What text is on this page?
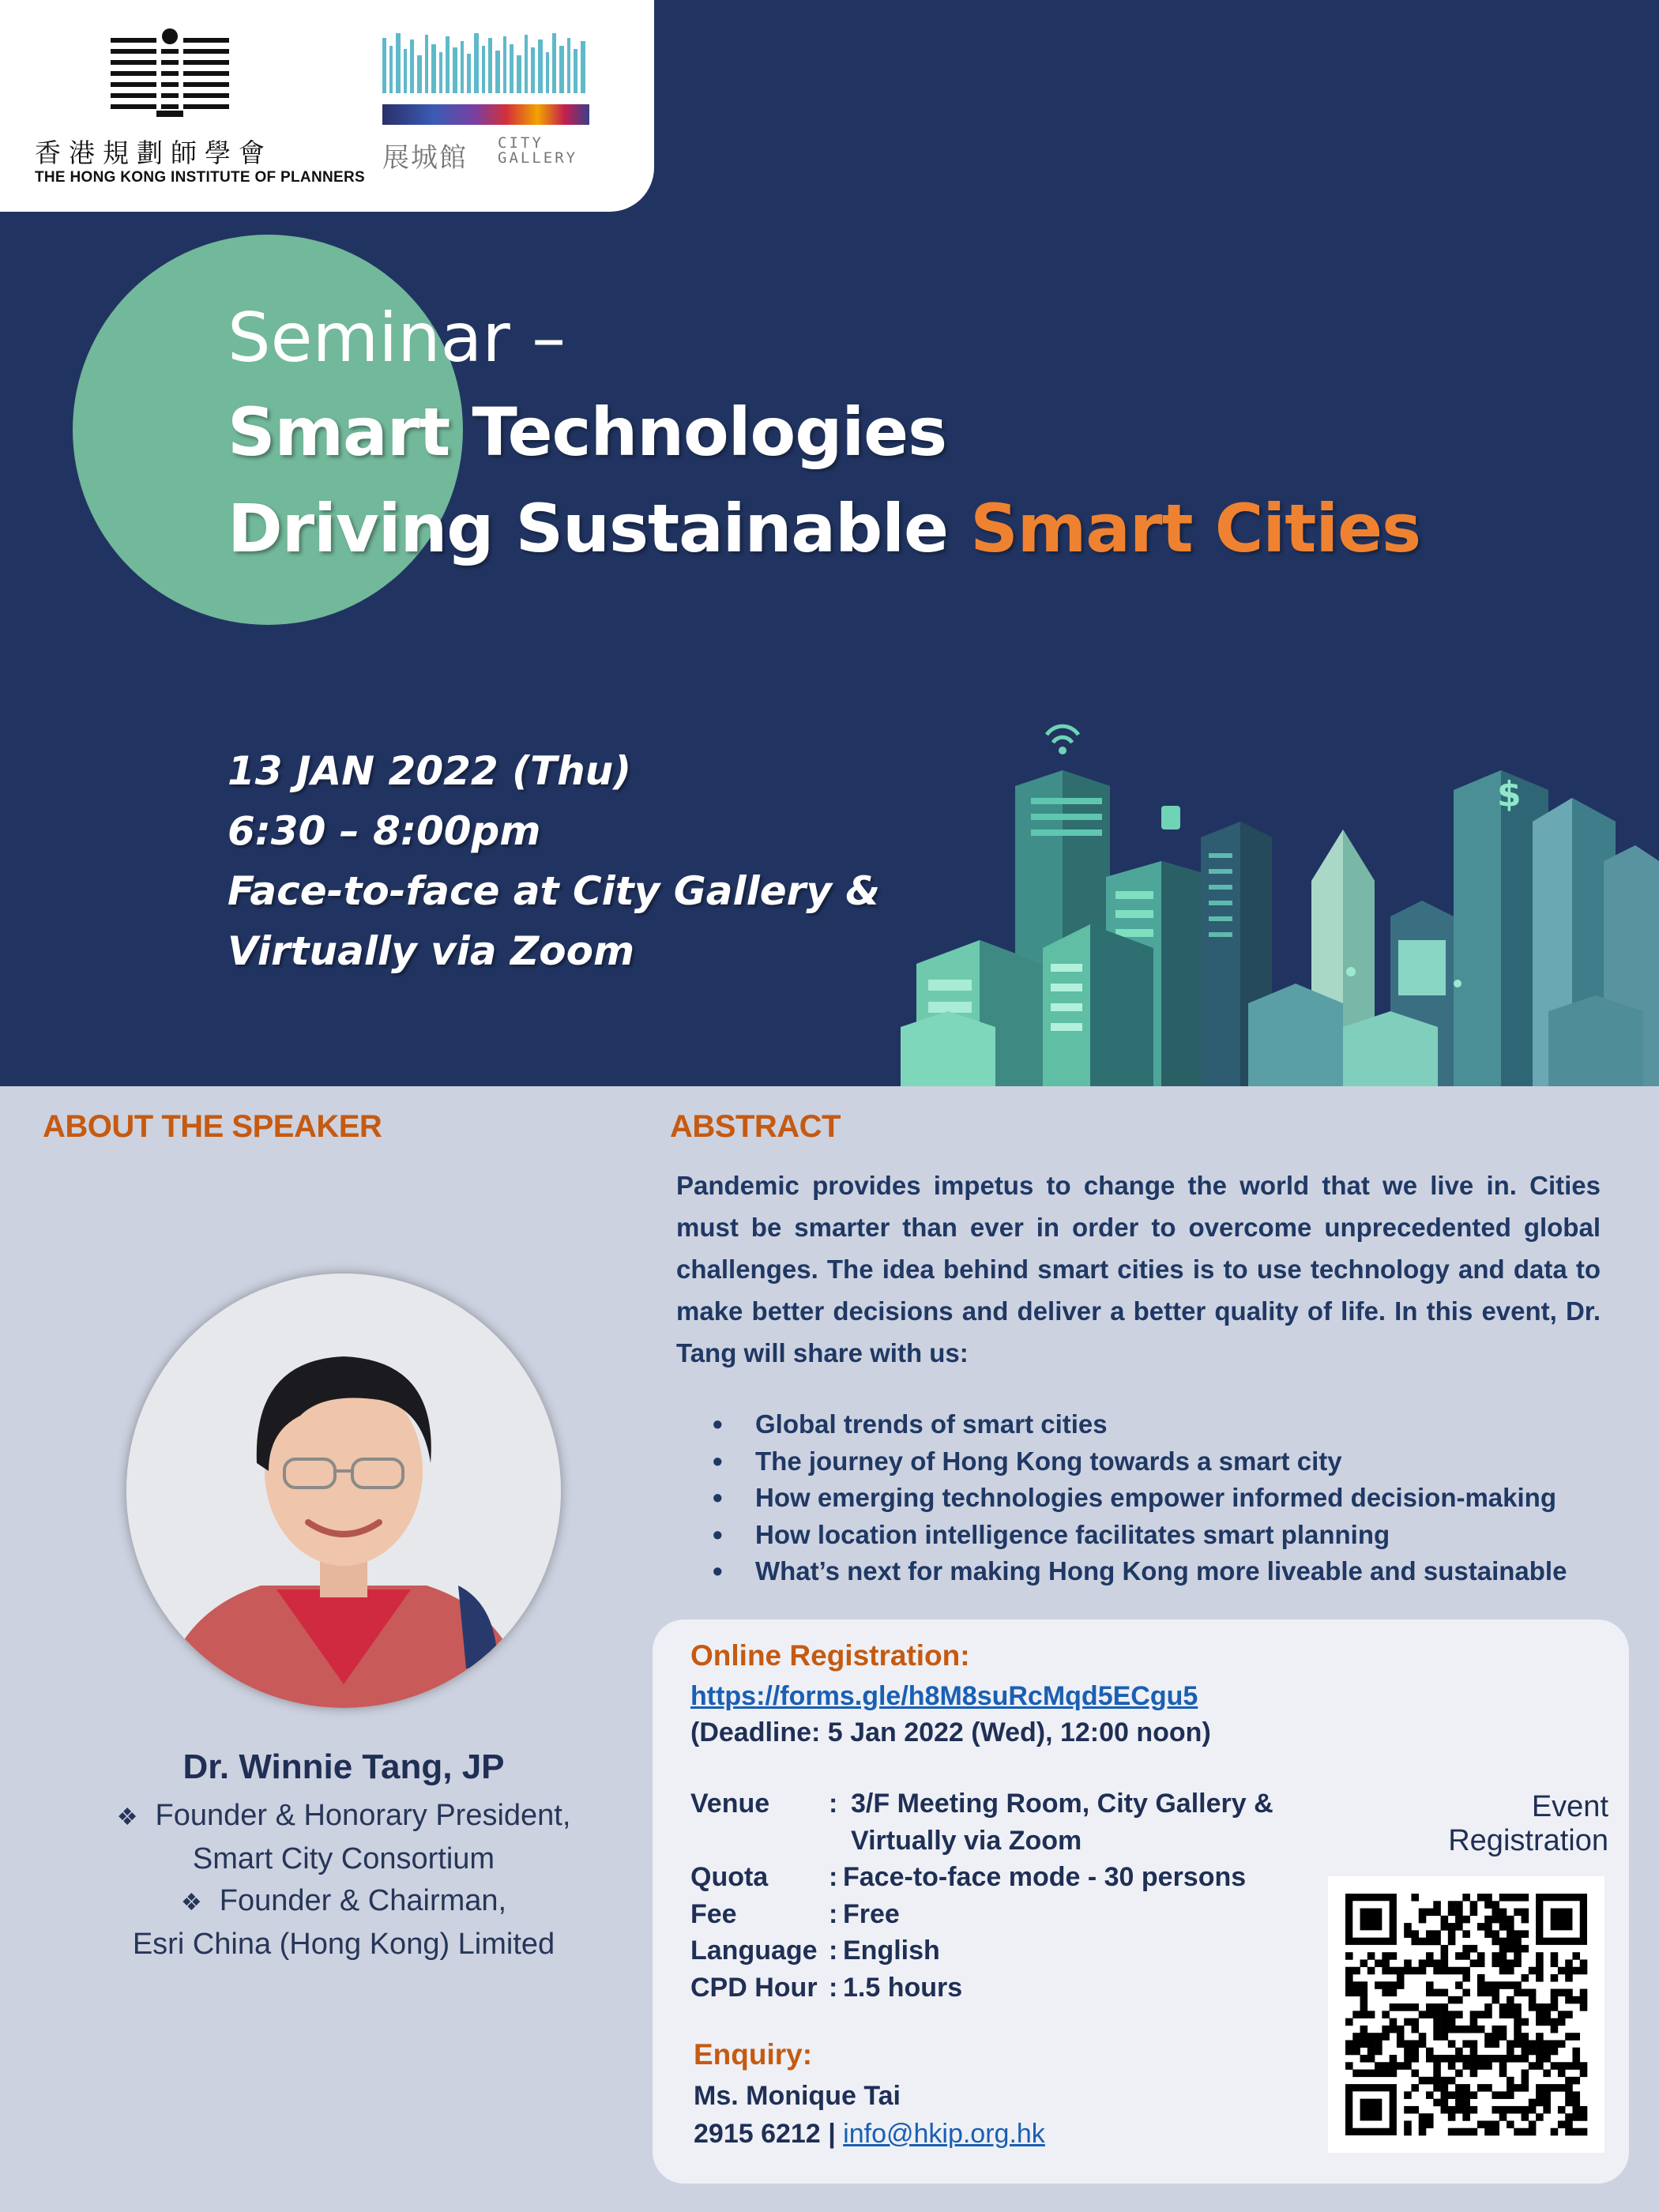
香港規劃師學會
THE HONG KONG INSTITUTE OF PLANNERS
展城館 CITY GALLERY
Seminar –
Smart Technologies
Driving Sustainable Smart Cities
13 JAN 2022 (Thu)
6:30 – 8:00pm
Face-to-face at City Gallery &
Virtually via Zoom
$
ABOUT THE SPEAKER
Dr. Winnie Tang, JP
❖ Founder & Honorary President,
Smart City Consortium
❖ Founder & Chairman,
Esri China (Hong Kong) Limited
ABSTRACT
Pandemic provides impetus to change the world that we live in. Cities must be smarter than ever in order to overcome unprecedented global challenges. The idea behind smart cities is to use technology and data to make better decisions and deliver a better quality of life. In this event, Dr. Tang will share with us:
• Global trends of smart cities
• The journey of Hong Kong towards a smart city
• How emerging technologies empower informed decision-making
• How location intelligence facilitates smart planning
• What’s next for making Hong Kong more liveable and sustainable
Online Registration:
https://forms.gle/h8M8suRcMqd5ECgu5
(Deadline: 5 Jan 2022 (Wed), 12:00 noon)
Venue	: 3/F Meeting Room, City Gallery & Virtually via Zoom
Quota	: Face-to-face mode - 30 persons
Fee	: Free
Language : English
CPD Hour : 1.5 hours
Enquiry:
Ms. Monique Tai
2915 6212 | info@hkip.org.hk
Event
Registration
